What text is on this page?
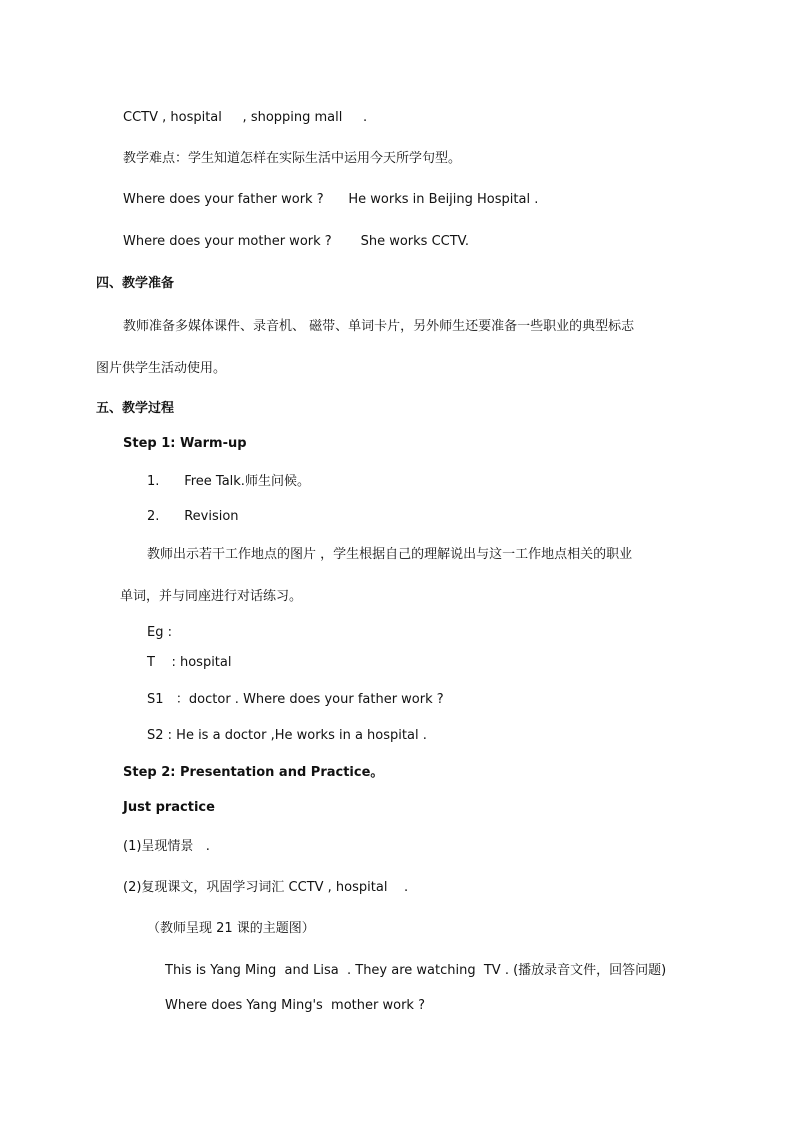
CCTV , hospital     , shopping mall     .

教学难点：学生知道怎样在实际生活中运用今天所学句型。

Where does your father work ?      He works in Beijing Hospital .

Where does your mother work ?       She works CCTV.

四、教学准备

教师准备多媒体课件、录音机、 磁带、单词卡片，另外师生还要准备一些职业的典型标志

图片供学生活动使用。

五、教学过程

Step 1: Warm-up

1.      Free Talk.师生问候。

2.      Revision

教师出示若干工作地点的图片 ，学生根据自己的理解说出与这一工作地点相关的职业

单词，并与同座进行对话练习。

Eg :

T    : hospital

S1   ：doctor . Where does your father work ?

S2 : He is a doctor ,He works in a hospital .

Step 2: Presentation and Practice。

Just practice

(1)呈现情景   .

(2)复现课文，巩固学习词汇 CCTV , hospital    .

（教师呈现 21 课的主题图）

This is Yang Ming  and Lisa  . They are watching  TV . (播放录音文件，回答问题)

Where does Yang Ming's  mother work ?
